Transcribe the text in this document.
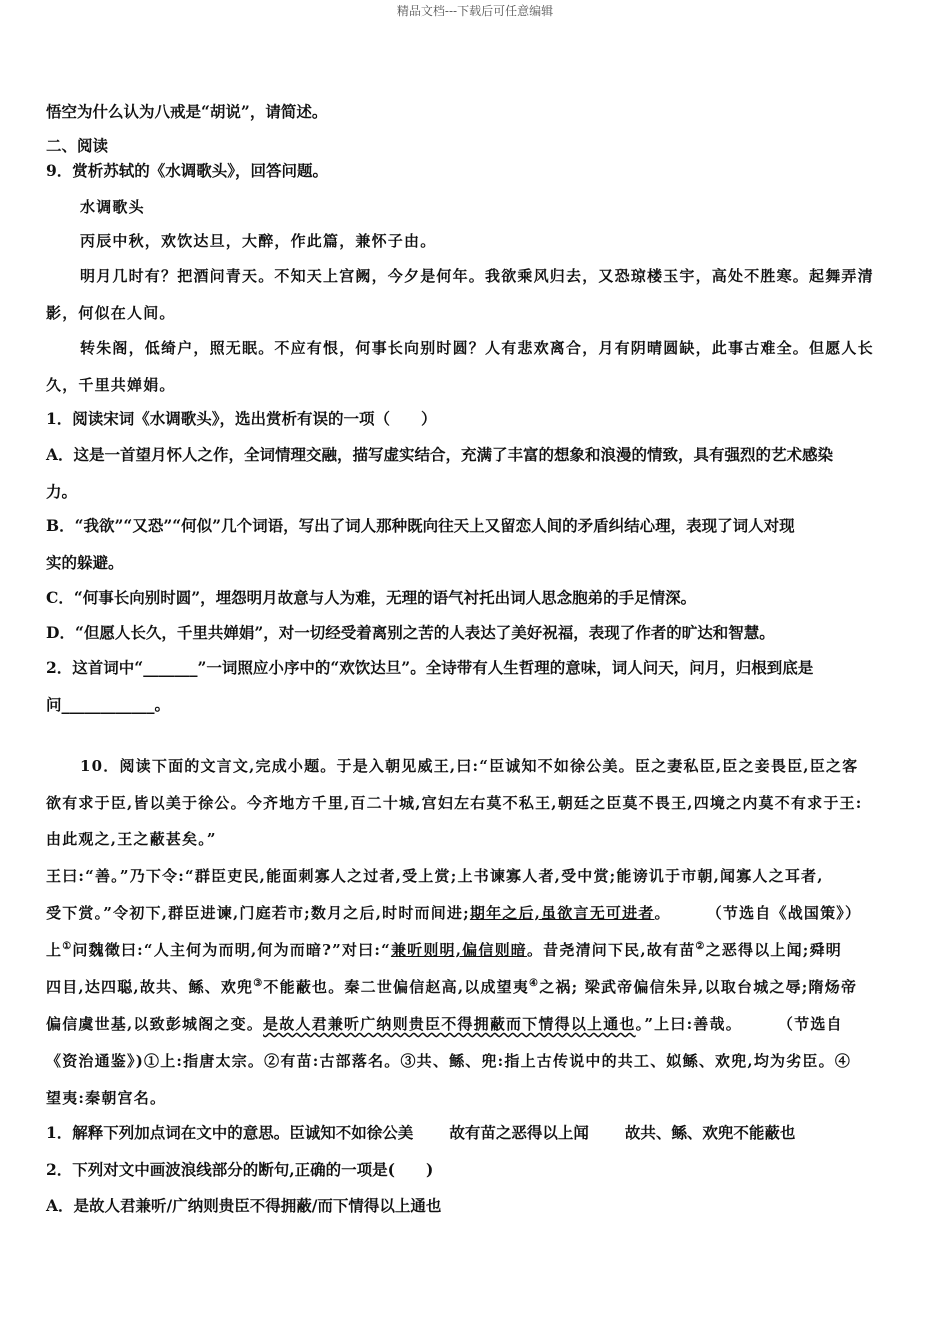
精品文档---下载后可任意编辑
悟空为什么认为八戒是“胡说”，请简述。
二、阅读
9．赏析苏轼的《水调歌头》，回答问题。
水调歌头
丙辰中秋，欢饮达旦，大醉，作此篇，兼怀子由。
明月几时有？把酒问青天。不知天上宫阙，今夕是何年。我欲乘风归去，又恐琼楼玉宇，高处不胜寒。起舞弄清
影，何似在人间。
转朱阁，低绮户，照无眠。不应有恨，何事长向别时圆？人有悲欢离合，月有阴晴圆缺，此事古难全。但愿人长
久，千里共婵娟。
1．阅读宋词《水调歌头》，选出赏析有误的一项（　　）
A．这是一首望月怀人之作，全词情理交融，描写虚实结合，充满了丰富的想象和浪漫的情致，具有强烈的艺术感染
力。
B．“我欲”“又恐”“何似”几个词语，写出了词人那种既向往天上又留恋人间的矛盾纠结心理，表现了词人对现
实的躲避。
C．“何事长向别时圆”，埋怨明月故意与人为难，无理的语气衬托出词人思念胞弟的手足情深。
D．“但愿人长久，千里共婵娟”，对一切经受着离别之苦的人表达了美好祝福，表现了作者的旷达和智慧。
2．这首词中“_______”一词照应小序中的“欢饮达旦”。全诗带有人生哲理的意味，词人问天，问月，归根到底是
问____________。
10．阅读下面的文言文,完成小题。于是入朝见威王,曰:“臣诚知不如徐公美。臣之妻私臣,臣之妾畏臣,臣之客
欲有求于臣,皆以美于徐公。今齐地方千里,百二十城,宫妇左右莫不私王,朝廷之臣莫不畏王,四境之内莫不有求于王:
由此观之,王之蔽甚矣。”
王曰:“善。”乃下令:“群臣吏民,能面刺寡人之过者,受上赏;上书谏寡人者,受中赏;能谤讥于市朝,闻寡人之耳者,
受下赏。”令初下,群臣进谏,门庭若市;数月之后,时时而间进;期年之后,虽欲言无可进者。 （节选自《战国策》）
上①问魏徵曰:“人主何为而明,何为而暗?”对曰:“兼听则明,偏信则暗。昔尧清问下民,故有苗②之恶得以上闻;舜明
四目,达四聪,故共、鲧、欢兜③不能蔽也。秦二世偏信赵高,以成望夷④之祸; 梁武帝偏信朱异,以取台城之辱;隋炀帝
偏信虞世基,以致彭城阁之变。是故人君兼听广纳则贵臣不得拥蔽而下情得以上通也。”上曰:善哉。 （节选自
《资治通鉴》)①上:指唐太宗。②有苗:古部落名。③共、鲧、兜:指上古传说中的共工、姒鲧、欢兜,均为劣臣。④
望夷:秦朝宫名。
1．解释下列加点词在文中的意思。臣诚知不如徐公美 故有苗之恶得以上闻 故共、鲧、欢兜不能蔽也
2．下列对文中画波浪线部分的断句,正确的一项是(　　)
A．是故人君兼听/广纳则贵臣不得拥蔽/而下情得以上通也
